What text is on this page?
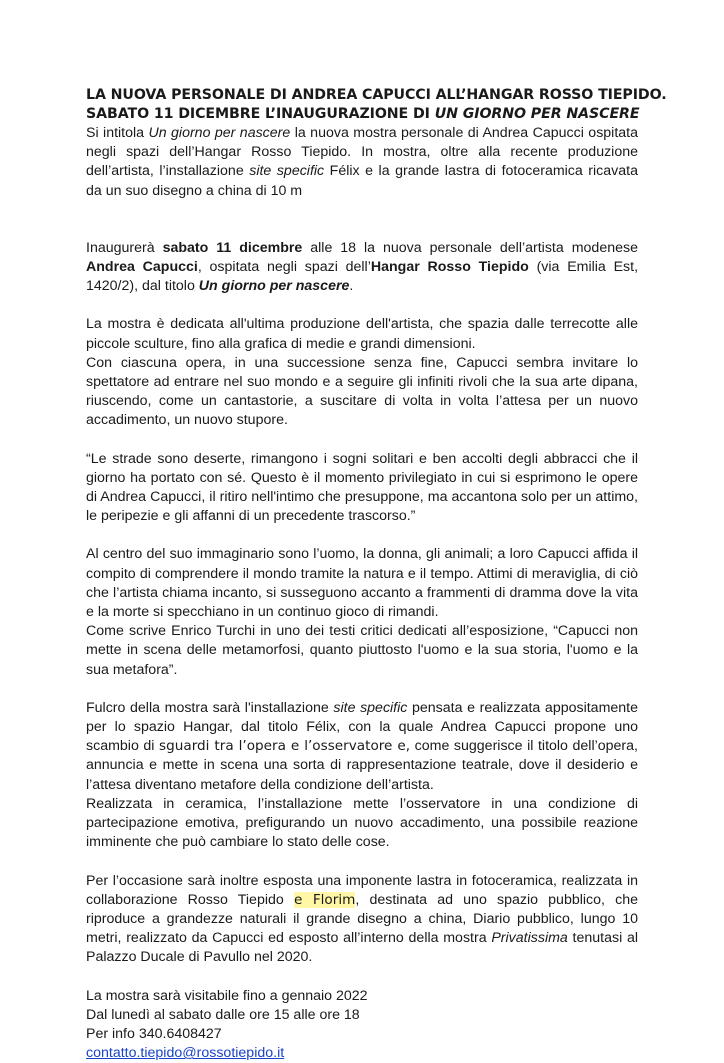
LA NUOVA PERSONALE DI ANDREA CAPUCCI ALL’HANGAR ROSSO TIEPIDO.
SABATO 11 DICEMBRE L’INAUGURAZIONE DI UN GIORNO PER NASCERE

Si intitola Un giorno per nascere la nuova mostra personale di Andrea Capucci ospitata negli spazi dell’Hangar Rosso Tiepido. In mostra, oltre alla recente produzione dell’artista, l’installazione site specific Félix e la grande lastra di fotoceramica ricavata da un suo disegno a china di 10 m

Inaugurerà sabato 11 dicembre alle 18 la nuova personale dell’artista modenese Andrea Capucci, ospitata negli spazi dell’Hangar Rosso Tiepido (via Emilia Est, 1420/2), dal titolo Un giorno per nascere.

La mostra è dedicata all'ultima produzione dell'artista, che spazia dalle terrecotte alle piccole sculture, fino alla grafica di medie e grandi dimensioni.

Con ciascuna opera, in una successione senza fine, Capucci sembra invitare lo spettatore ad entrare nel suo mondo e a seguire gli infiniti rivoli che la sua arte dipana, riuscendo, come un cantastorie, a suscitare di volta in volta l’attesa per un nuovo accadimento, un nuovo stupore.

“Le strade sono deserte, rimangono i sogni solitari e ben accolti degli abbracci che il giorno ha portato con sé. Questo è il momento privilegiato in cui si esprimono le opere di Andrea Capucci, il ritiro nell'intimo che presuppone, ma accantona solo per un attimo, le peripezie e gli affanni di un precedente trascorso.”

Al centro del suo immaginario sono l’uomo, la donna, gli animali; a loro Capucci affida il compito di comprendere il mondo tramite la natura e il tempo. Attimi di meraviglia, di ciò che l’artista chiama incanto, si susseguono accanto a frammenti di dramma dove la vita e la morte si specchiano in un continuo gioco di rimandi.

Come scrive Enrico Turchi in uno dei testi critici dedicati all’esposizione, “Capucci non mette in scena delle metamorfosi, quanto piuttosto l'uomo e la sua storia, l'uomo e la sua metafora”.

Fulcro della mostra sarà l'installazione site specific pensata e realizzata appositamente per lo spazio Hangar, dal titolo Félix, con la quale Andrea Capucci propone uno scambio di sguardi tra l’opera e l’osservatore e, come suggerisce il titolo dell’opera, annuncia e mette in scena una sorta di rappresentazione teatrale, dove il desiderio e l’attesa diventano metafore della condizione dell’artista.

Realizzata in ceramica, l’installazione mette l’osservatore in una condizione di partecipazione emotiva, prefigurando un nuovo accadimento, una possibile reazione imminente che può cambiare lo stato delle cose.

Per l’occasione sarà inoltre esposta una imponente lastra in fotoceramica, realizzata in collaborazione Rosso Tiepido e Florim, destinata ad uno spazio pubblico, che riproduce a grandezze naturali il grande disegno a china, Diario pubblico, lungo 10 metri, realizzato da Capucci ed esposto all’interno della mostra Privatissima tenutasi al Palazzo Ducale di Pavullo nel 2020.

La mostra sarà visitabile fino a gennaio 2022
Dal lunedì al sabato dalle ore 15 alle ore 18
Per info 340.6408427
contatto.tiepido@rossotiepido.it
